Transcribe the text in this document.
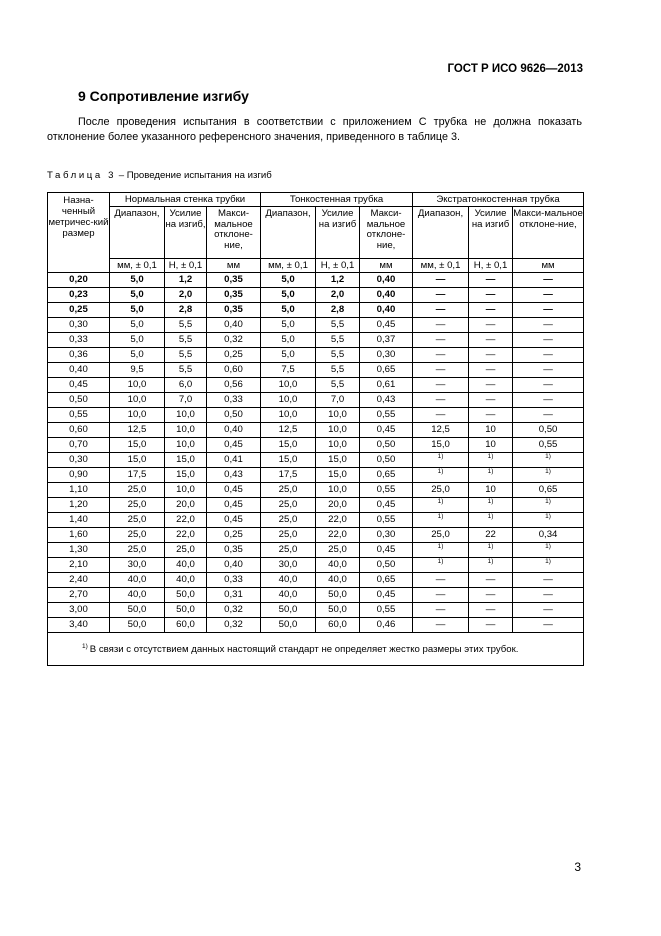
ГОСТ Р ИСО 9626—2013
9 Сопротивление изгибу
После проведения испытания в соответствии с приложением С трубка не должна показать отклонение более указанного референсного значения, приведенного в таблице 3.
Таблица 3 – Проведение испытания на изгиб
Назна-ченный метричес-кий размер	Нормальная стенка трубки			Тонкостенная трубка			Экстратонкостенная трубка		
	Диапазон,	Усилие на изгиб,	Макси-мальное отклоне-ние,	Диапазон,	Усилие на изгиб	Макси-мальное отклоне-ние,	Диапазон,	Усилие на изгиб	Макси-мальное отклоне-ние,
	мм, ± 0,1	Н, ± 0,1	мм	мм, ± 0,1	Н, ± 0,1	мм	мм, ± 0,1	Н, ± 0,1	мм
0,20	5,0	1,2	0,35	5,0	1,2	0,40	—	—	—
0,23	5,0	2,0	0,35	5,0	2,0	0,40	—	—	—
0,25	5,0	2,8	0,35	5,0	2,8	0,40	—	—	—
0,30	5,0	5,5	0,40	5,0	5,5	0,45	—	—	—
0,33	5,0	5,5	0,32	5,0	5,5	0,37	—	—	—
0,36	5,0	5,5	0,25	5,0	5,5	0,30	—	—	—
0,40	9,5	5,5	0,60	7,5	5,5	0,65	—	—	—
0,45	10,0	6,0	0,56	10,0	5,5	0,61	—	—	—
0,50	10,0	7,0	0,33	10,0	7,0	0,43	—	—	—
0,55	10,0	10,0	0,50	10,0	10,0	0,55	—	—	—
0,60	12,5	10,0	0,40	12,5	10,0	0,45	12,5	10	0,50
0,70	15,0	10,0	0,45	15,0	10,0	0,50	15,0	10	0,55
0,30	15,0	15,0	0,41	15,0	15,0	0,50	$^{1)}$	$^{1)}$	$^{1)}$
0,90	17,5	15,0	0,43	17,5	15,0	0,65	$^{1)}$	$^{1)}$	$^{1)}$
1,10	25,0	10,0	0,45	25,0	10,0	0,55	25,0	10	0,65
1,20	25,0	20,0	0,45	25,0	20,0	0,45	$^{1)}$	$^{1)}$	$^{1)}$
1,40	25,0	22,0	0,45	25,0	22,0	0,55	$^{1)}$	$^{1)}$	$^{1)}$
1,60	25,0	22,0	0,25	25,0	22,0	0,30	25,0	22	0,34
1,30	25,0	25,0	0,35	25,0	25,0	0,45	$^{1)}$	$^{1)}$	$^{1)}$
2,10	30,0	40,0	0,40	30,0	40,0	0,50	$^{1)}$	$^{1)}$	$^{1)}$
2,40	40,0	40,0	0,33	40,0	40,0	0,65	—	—	—
2,70	40,0	50,0	0,31	40,0	50,0	0,45	—	—	—
3,00	50,0	50,0	0,32	50,0	50,0	0,55	—	—	—
3,40	50,0	60,0	0,32	50,0	60,0	0,46	—	—	—
$^{1)}$ В связи с отсутствием данных настоящий стандарт не определяет жестко размеры этих трубок.									
3
